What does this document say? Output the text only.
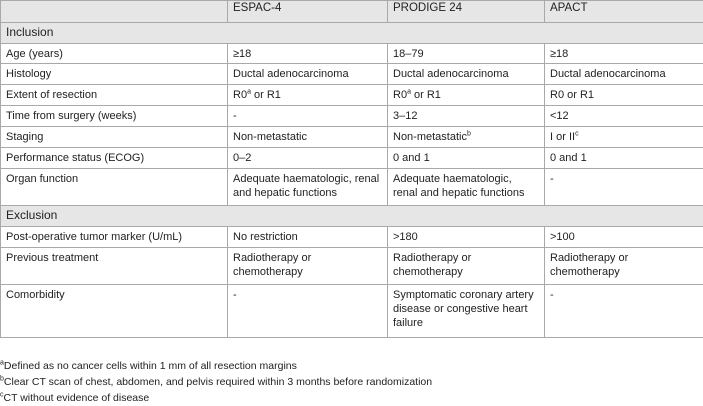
	ESPAC-4	PRODIGE 24	APACT
Inclusion			
Age (years)	≥18	18–79	≥18
Histology	Ductal adenocarcinoma	Ductal adenocarcinoma	Ductal adenocarcinoma
Extent of resection	R0$^a$ or R1	R0$^a$ or R1	R0 or R1
Time from surgery (weeks)	-	3–12	<12
Staging	Non-metastatic	Non-metastatic$^b$	I or $II^c$
Performance status (ECOG)	0–2	0 and 1	0 and 1
Organ function	Adequate haematologic, renal and hepatic functions	Adequate haematologic, renal and hepatic functions	-
Exclusion			
Post-operative tumor marker (U/mL)	No restriction	>180	>100
Previous treatment	Radiotherapy or chemotherapy	Radiotherapy or chemotherapy	Radiotherapy or chemotherapy
Comorbidity	-	Symptomatic coronary artery disease or congestive heart failure	-
$^a$Defined as no cancer cells within 1 mm of all resection margins
$^b$Clear CT scan of chest, abdomen, and pelvis required within 3 months before randomization
$^c$CT without evidence of disease
